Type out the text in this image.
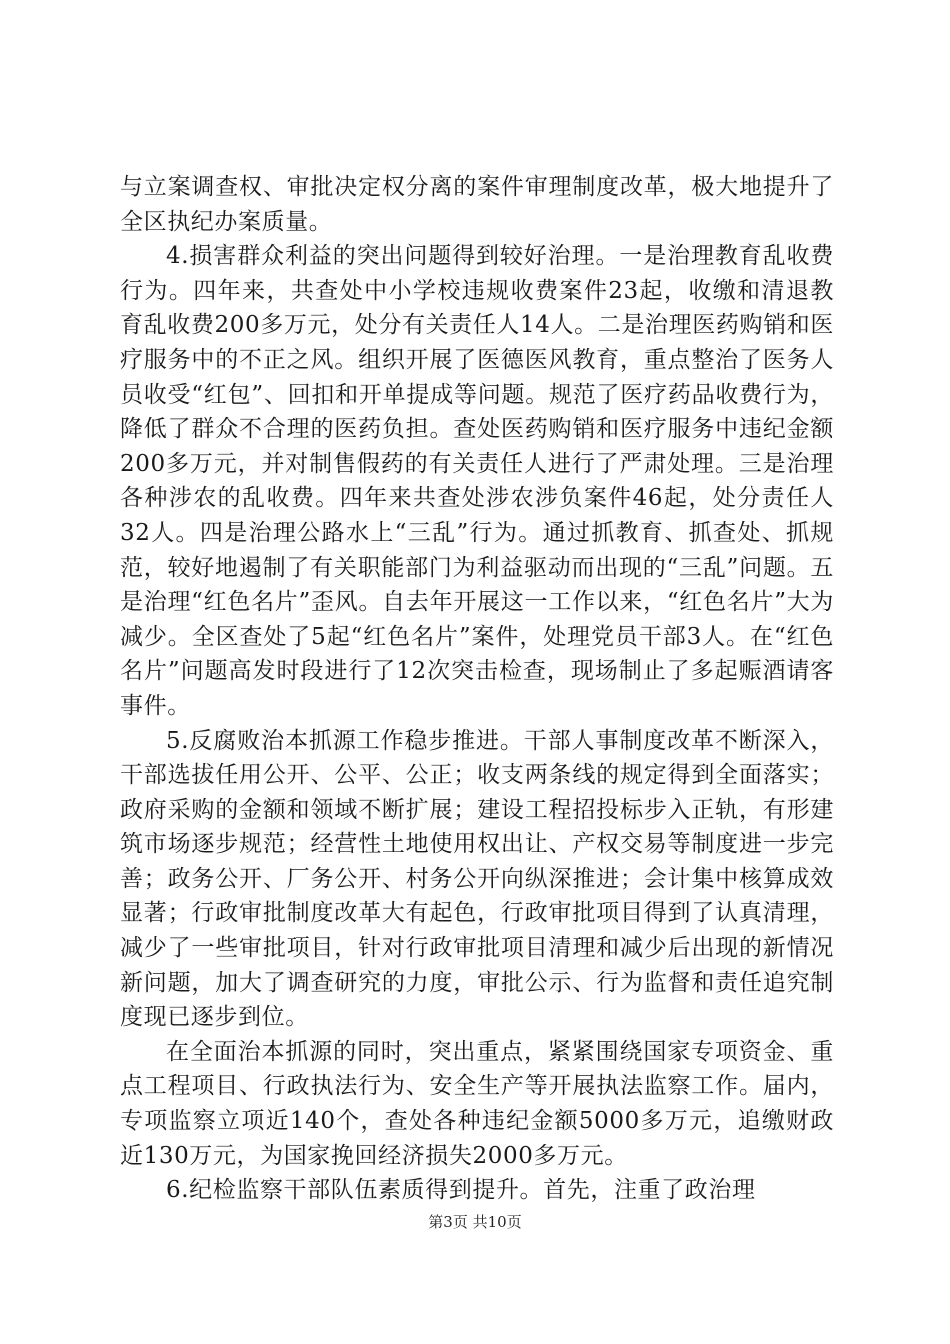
与立案调查权、审批决定权分离的案件审理制度改革，极大地提升了全区执纪办案质量。

4.损害群众利益的突出问题得到较好治理。一是治理教育乱收费行为。四年来，共查处中小学校违规收费案件23起，收缴和清退教育乱收费200多万元，处分有关责任人14人。二是治理医药购销和医疗服务中的不正之风。组织开展了医德医风教育，重点整治了医务人员收受“红包”、回扣和开单提成等问题。规范了医疗药品收费行为，降低了群众不合理的医药负担。查处医药购销和医疗服务中违纪金额200多万元，并对制售假药的有关责任人进行了严肃处理。三是治理各种涉农的乱收费。四年来共查处涉农涉负案件46起，处分责任人32人。四是治理公路水上“三乱”行为。通过抓教育、抓查处、抓规范，较好地遏制了有关职能部门为利益驱动而出现的“三乱”问题。五是治理“红色名片”歪风。自去年开展这一工作以来，“红色名片”大为减少。全区查处了5起“红色名片”案件，处理党员干部3人。在“红色名片”问题高发时段进行了12次突击检查，现场制止了多起赈酒请客事件。

5.反腐败治本抓源工作稳步推进。干部人事制度改革不断深入，干部选拔任用公开、公平、公正；收支两条线的规定得到全面落实；政府采购的金额和领域不断扩展；建设工程招投标步入正轨，有形建筑市场逐步规范；经营性土地使用权出让、产权交易等制度进一步完善；政务公开、厂务公开、村务公开向纵深推进；会计集中核算成效显著；行政审批制度改革大有起色，行政审批项目得到了认真清理，减少了一些审批项目，针对行政审批项目清理和减少后出现的新情况新问题，加大了调查研究的力度，审批公示、行为监督和责任追究制度现已逐步到位。

在全面治本抓源的同时，突出重点，紧紧围绕国家专项资金、重点工程项目、行政执法行为、安全生产等开展执法监察工作。届内，专项监察立项近140个，查处各种违纪金额5000多万元，追缴财政近130万元，为国家挽回经济损失2000多万元。

6.纪检监察干部队伍素质得到提升。首先，注重了政治理

第3页 共10页
